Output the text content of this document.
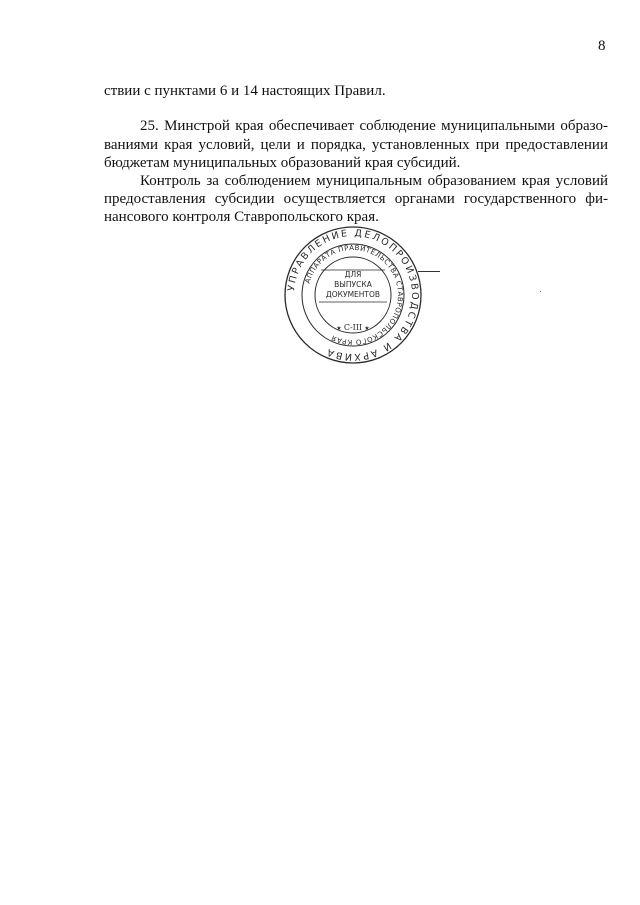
8
ствии с пунктами 6 и 14 настоящих Правил.
25. Минстрой края обеспечивает соблюдение муниципальными образо-
ваниями края условий, цели и порядка, установленных при предоставлении
бюджетам муниципальных образований края субсидий.
Контроль за соблюдением муниципальным образованием края условий
предоставления субсидии осуществляется органами государственного фи-
нансового контроля Ставропольского края.
УПРАВЛЕНИЕ ДЕЛОПРОИЗВОДСТВА И АРХИВА
АППАРАТА ПРАВИТЕЛЬСТВА СТАВРОПОЛЬСКОГО КРАЯ
ДЛЯ
ВЫПУСКА
ДОКУМЕНТОВ
С-III
★	★
